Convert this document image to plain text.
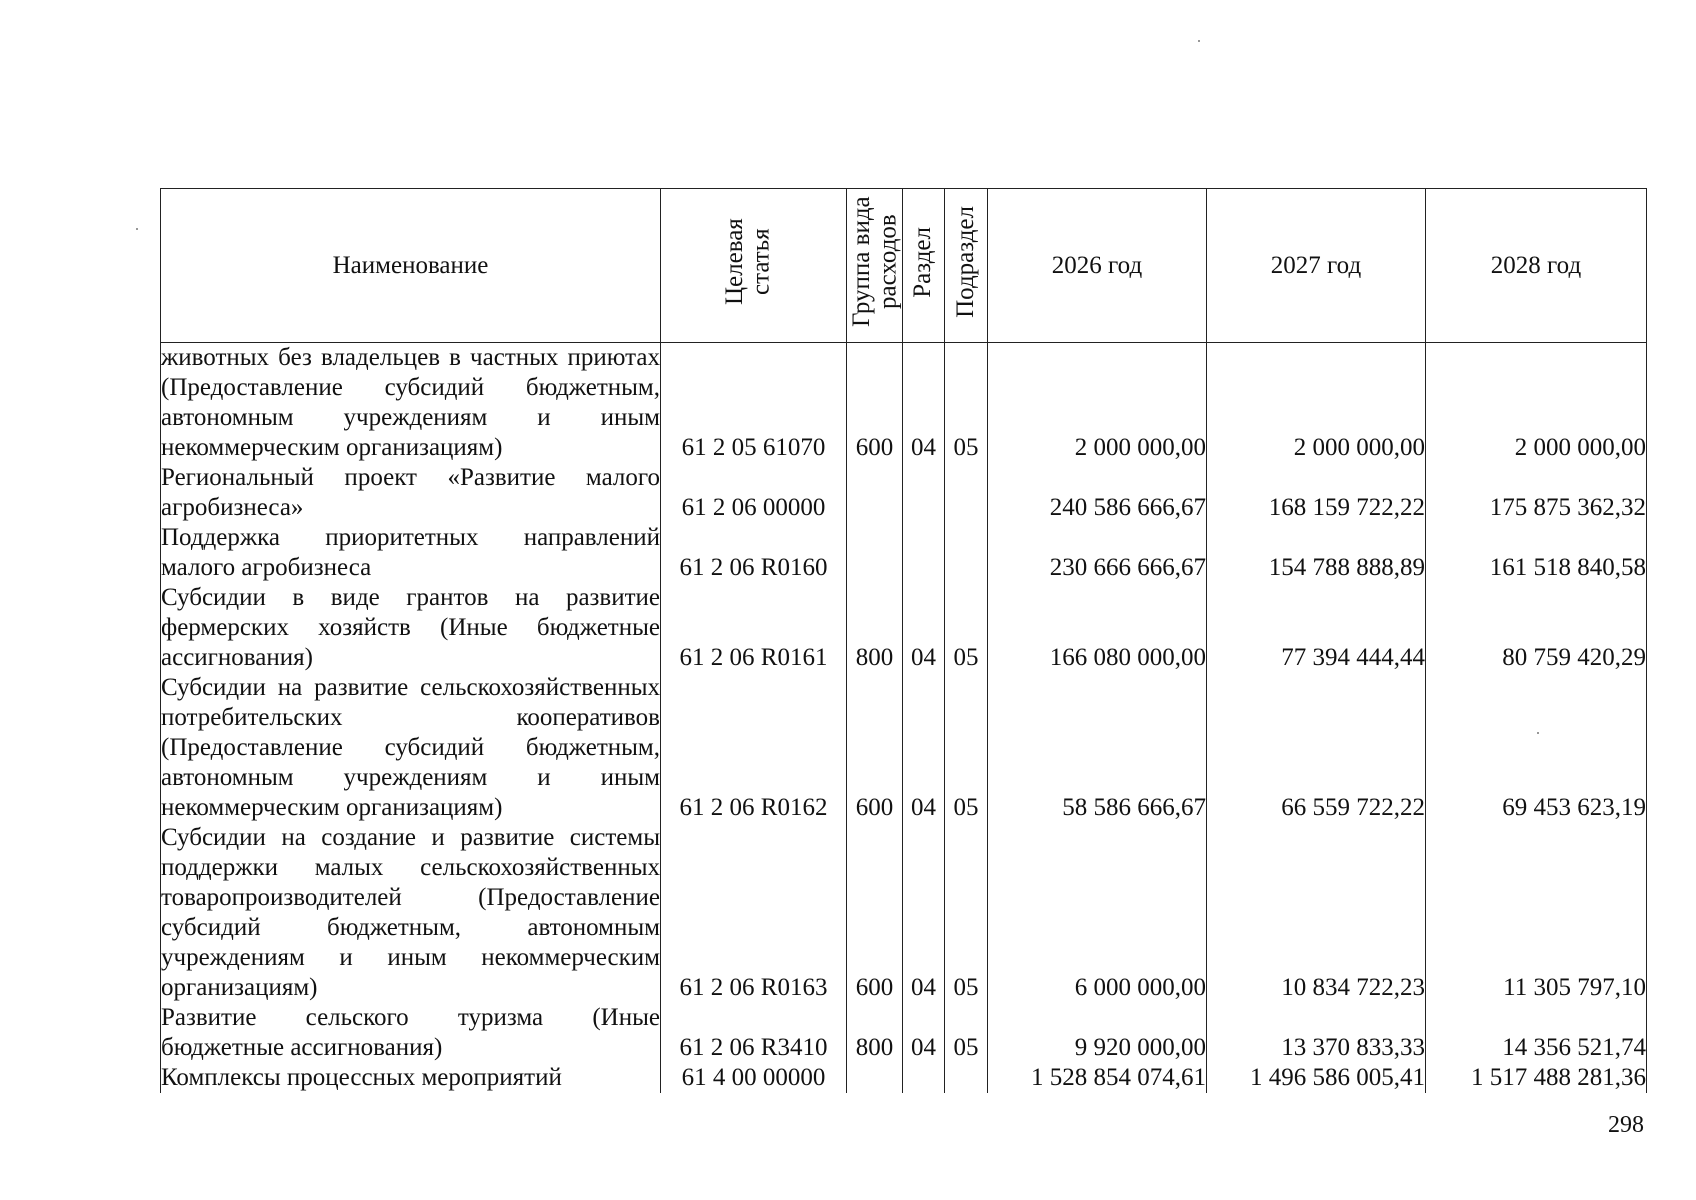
Наименование	Целевая статья	Группа вида расходов	Раздел	Подраздел	2026 год	2027 год	2028 год
животных без владельцев в частных приютах (Предоставление субсидий бюджетным, автономным учреждениям и иным некоммерческим организациям)	61 2 05 61070	600	04	05	2 000 000,00	2 000 000,00	2 000 000,00
Региональный проект «Развитие малого агробизнеса»	61 2 06 00000				240 586 666,67	168 159 722,22	175 875 362,32
Поддержка приоритетных направлений малого агробизнеса	61 2 06 R0160				230 666 666,67	154 788 888,89	161 518 840,58
Субсидии в виде грантов на развитие фермерских хозяйств (Иные бюджетные ассигнования)	61 2 06 R0161	800	04	05	166 080 000,00	77 394 444,44	80 759 420,29
Субсидии на развитие сельскохозяйственных потребительских кооперативов (Предоставление субсидий бюджетным, автономным учреждениям и иным некоммерческим организациям)	61 2 06 R0162	600	04	05	58 586 666,67	66 559 722,22	69 453 623,19
Субсидии на создание и развитие системы поддержки малых сельскохозяйственных товаропроизводителей (Предоставление субсидий бюджетным, автономным учреждениям и иным некоммерческим организациям)	61 2 06 R0163	600	04	05	6 000 000,00	10 834 722,23	11 305 797,10
Развитие сельского туризма (Иные бюджетные ассигнования)	61 2 06 R3410	800	04	05	9 920 000,00	13 370 833,33	14 356 521,74
Комплексы процессных мероприятий	61 4 00 00000				1 528 854 074,61	1 496 586 005,41	1 517 488 281,36
298
